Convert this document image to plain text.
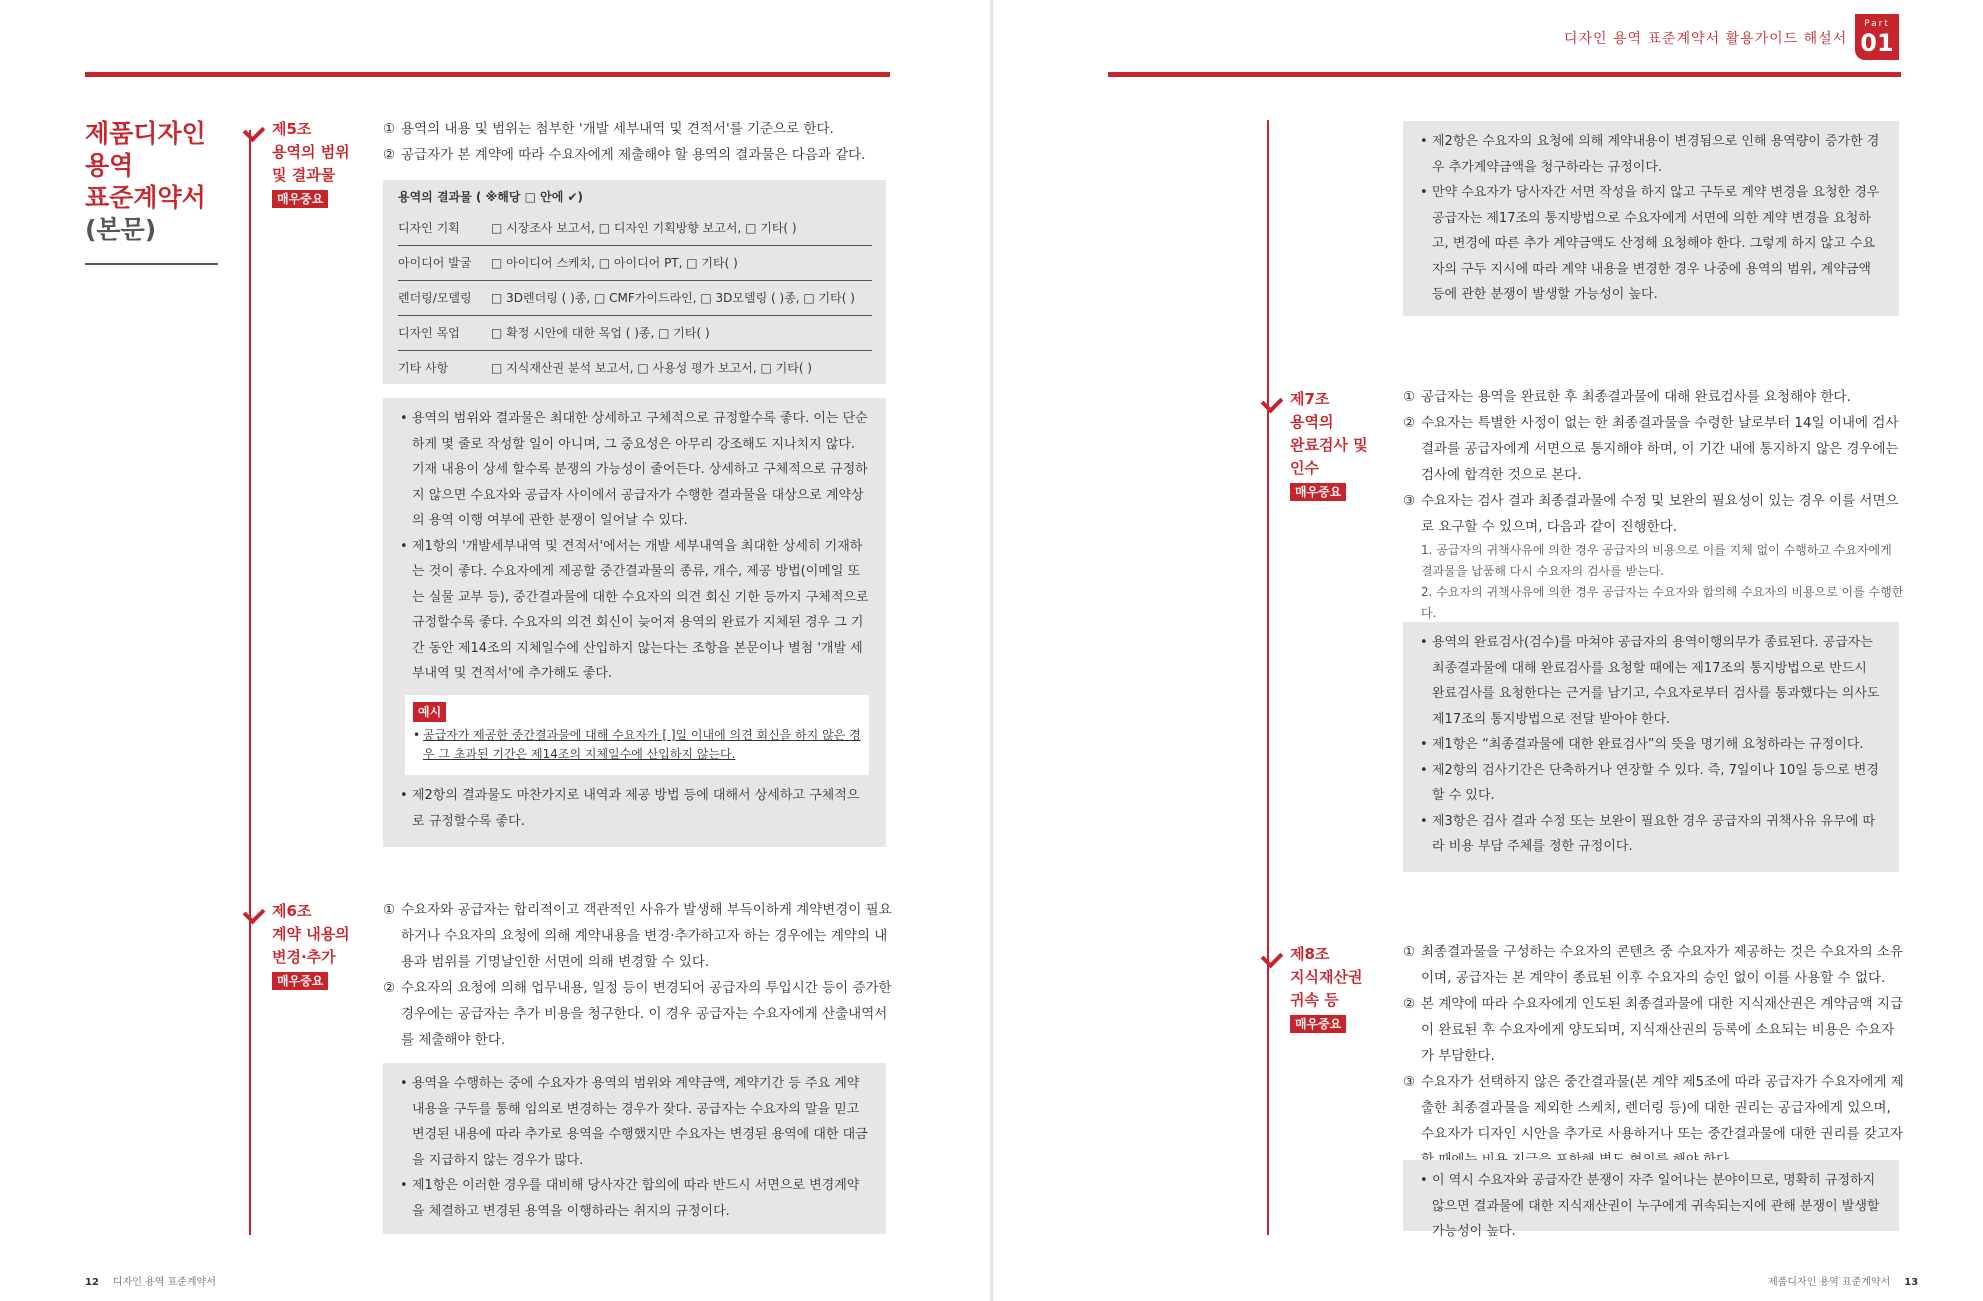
제품디자인
용역
표준계약서
(본문)
제5조
용역의 범위
및 결과물
매우중요
① 용역의 내용 및 범위는 첨부한 '개발 세부내역 및 견적서'를 기준으로 한다.
② 공급자가 본 계약에 따라 수요자에게 제출해야 할 용역의 결과물은 다음과 같다.
용역의 결과물 ( ※해당 □ 안에 ✔)
디자인 기획	□ 시장조사 보고서, □ 디자인 기획방향 보고서, □ 기타( )
아이디어 발굴	□ 아이디어 스케치, □ 아이디어 PT, □ 기타( )
렌더링/모델링	□ 3D렌더링 ( )종, □ CMF가이드라인, □ 3D모델링 ( )종, □ 기타( )
디자인 목업	□ 확정 시안에 대한 목업 ( )종, □ 기타( )
기타 사항	□ 지식재산권 분석 보고서, □ 사용성 평가 보고서, □ 기타( )
• 용역의 범위와 결과물은 최대한 상세하고 구체적으로 규정할수록 좋다. 이는 단순하게 몇 줄로 작성할 일이 아니며, 그 중요성은 아무리 강조해도 지나치지 않다. 기재 내용이 상세 할수록 분쟁의 가능성이 줄어든다. 상세하고 구체적으로 규정하지 않으면 수요자와 공급자 사이에서 공급자가 수행한 결과물을 대상으로 계약상의 용역 이행 여부에 관한 분쟁이 일어날 수 있다.
• 제1항의 '개발세부내역 및 견적서'에서는 개발 세부내역을 최대한 상세히 기재하는 것이 좋다. 수요자에게 제공할 중간결과물의 종류, 개수, 제공 방법(이메일 또는 실물 교부 등), 중간결과물에 대한 수요자의 의견 회신 기한 등까지 구체적으로 규정할수록 좋다. 수요자의 의견 회신이 늦어져 용역의 완료가 지체된 경우 그 기간 동안 제14조의 지체일수에 산입하지 않는다는 조항을 본문이나 별첨 '개발 세부내역 및 견적서'에 추가해도 좋다.
예시
• 공급자가 제공한 중간결과물에 대해 수요자가 [ ]일 이내에 의견 회신을 하지 않은 경우 그 초과된 기간은 제14조의 지체일수에 산입하지 않는다.
• 제2항의 결과물도 마찬가지로 내역과 제공 방법 등에 대해서 상세하고 구체적으로 규정할수록 좋다.
제6조
계약 내용의
변경·추가
매우중요
① 수요자와 공급자는 합리적이고 객관적인 사유가 발생해 부득이하게 계약변경이 필요하거나 수요자의 요청에 의해 계약내용을 변경·추가하고자 하는 경우에는 계약의 내용과 범위를 기명날인한 서면에 의해 변경할 수 있다.
② 수요자의 요청에 의해 업무내용, 일정 등이 변경되어 공급자의 투입시간 등이 증가한 경우에는 공급자는 추가 비용을 청구한다. 이 경우 공급자는 수요자에게 산출내역서를 제출해야 한다.
• 용역을 수행하는 중에 수요자가 용역의 범위와 계약금액, 계약기간 등 주요 계약내용을 구두를 통해 임의로 변경하는 경우가 잦다. 공급자는 수요자의 말을 믿고 변경된 내용에 따라 추가로 용역을 수행했지만 수요자는 변경된 용역에 대한 대금을 지급하지 않는 경우가 많다.
• 제1항은 이러한 경우를 대비해 당사자간 합의에 따라 반드시 서면으로 변경계약을 체결하고 변경된 용역을 이행하라는 취지의 규정이다.
12 디자인 용역 표준계약서
디자인 용역 표준계약서 활용가이드 해설서
Part
01
• 제2항은 수요자의 요청에 의해 계약내용이 변경됨으로 인해 용역량이 증가한 경우 추가계약금액을 청구하라는 규정이다.
• 만약 수요자가 당사자간 서면 작성을 하지 않고 구두로 계약 변경을 요청한 경우 공급자는 제17조의 통지방법으로 수요자에게 서면에 의한 계약 변경을 요청하고, 변경에 따른 추가 계약금액도 산정해 요청해야 한다. 그렇게 하지 않고 수요자의 구두 지시에 따라 계약 내용을 변경한 경우 나중에 용역의 범위, 계약금액 등에 관한 분쟁이 발생할 가능성이 높다.
제7조
용역의
완료검사 및
인수
매우중요
① 공급자는 용역을 완료한 후 최종결과물에 대해 완료검사를 요청해야 한다.
② 수요자는 특별한 사정이 없는 한 최종결과물을 수령한 날로부터 14일 이내에 검사결과를 공급자에게 서면으로 통지해야 하며, 이 기간 내에 통지하지 않은 경우에는 검사에 합격한 것으로 본다.
③ 수요자는 검사 결과 최종결과물에 수정 및 보완의 필요성이 있는 경우 이를 서면으로 요구할 수 있으며, 다음과 같이 진행한다.
1. 공급자의 귀책사유에 의한 경우 공급자의 비용으로 이를 지체 없이 수행하고 수요자에게 결과물을 납품해 다시 수요자의 검사를 받는다.
2. 수요자의 귀책사유에 의한 경우 공급자는 수요자와 합의해 수요자의 비용으로 이를 수행한다.
• 용역의 완료검사(검수)를 마쳐야 공급자의 용역이행의무가 종료된다. 공급자는 최종결과물에 대해 완료검사를 요청할 때에는 제17조의 통지방법으로 반드시 완료검사를 요청한다는 근거를 남기고, 수요자로부터 검사를 통과했다는 의사도 제17조의 통지방법으로 전달 받아야 한다.
• 제1항은 “최종결과물에 대한 완료검사”의 뜻을 명기해 요청하라는 규정이다.
• 제2항의 검사기간은 단축하거나 연장할 수 있다. 즉, 7일이나 10일 등으로 변경할 수 있다.
• 제3항은 검사 결과 수정 또는 보완이 필요한 경우 공급자의 귀책사유 유무에 따라 비용 부담 주체를 정한 규정이다.
제8조
지식재산권
귀속 등
매우중요
① 최종결과물을 구성하는 수요자의 콘텐츠 중 수요자가 제공하는 것은 수요자의 소유이며, 공급자는 본 계약이 종료된 이후 수요자의 승인 없이 이를 사용할 수 없다.
② 본 계약에 따라 수요자에게 인도된 최종결과물에 대한 지식재산권은 계약금액 지급이 완료된 후 수요자에게 양도되며, 지식재산권의 등록에 소요되는 비용은 수요자가 부담한다.
③ 수요자가 선택하지 않은 중간결과물(본 계약 제5조에 따라 공급자가 수요자에게 제출한 최종결과물을 제외한 스케치, 렌더링 등)에 대한 권리는 공급자에게 있으며, 수요자가 디자인 시안을 추가로 사용하거나 또는 중간결과물에 대한 권리를 갖고자
• 이 역시 수요자와 공급자간 분쟁이 자주 일어나는 분야이므로, 명확히 규정하지 않으면 결과물에 대한 지식재산권이 누구에게 귀속되는지에 관해 분쟁이 발생할 가능성이 높다.
제품디자인 용역 표준계약서 13
